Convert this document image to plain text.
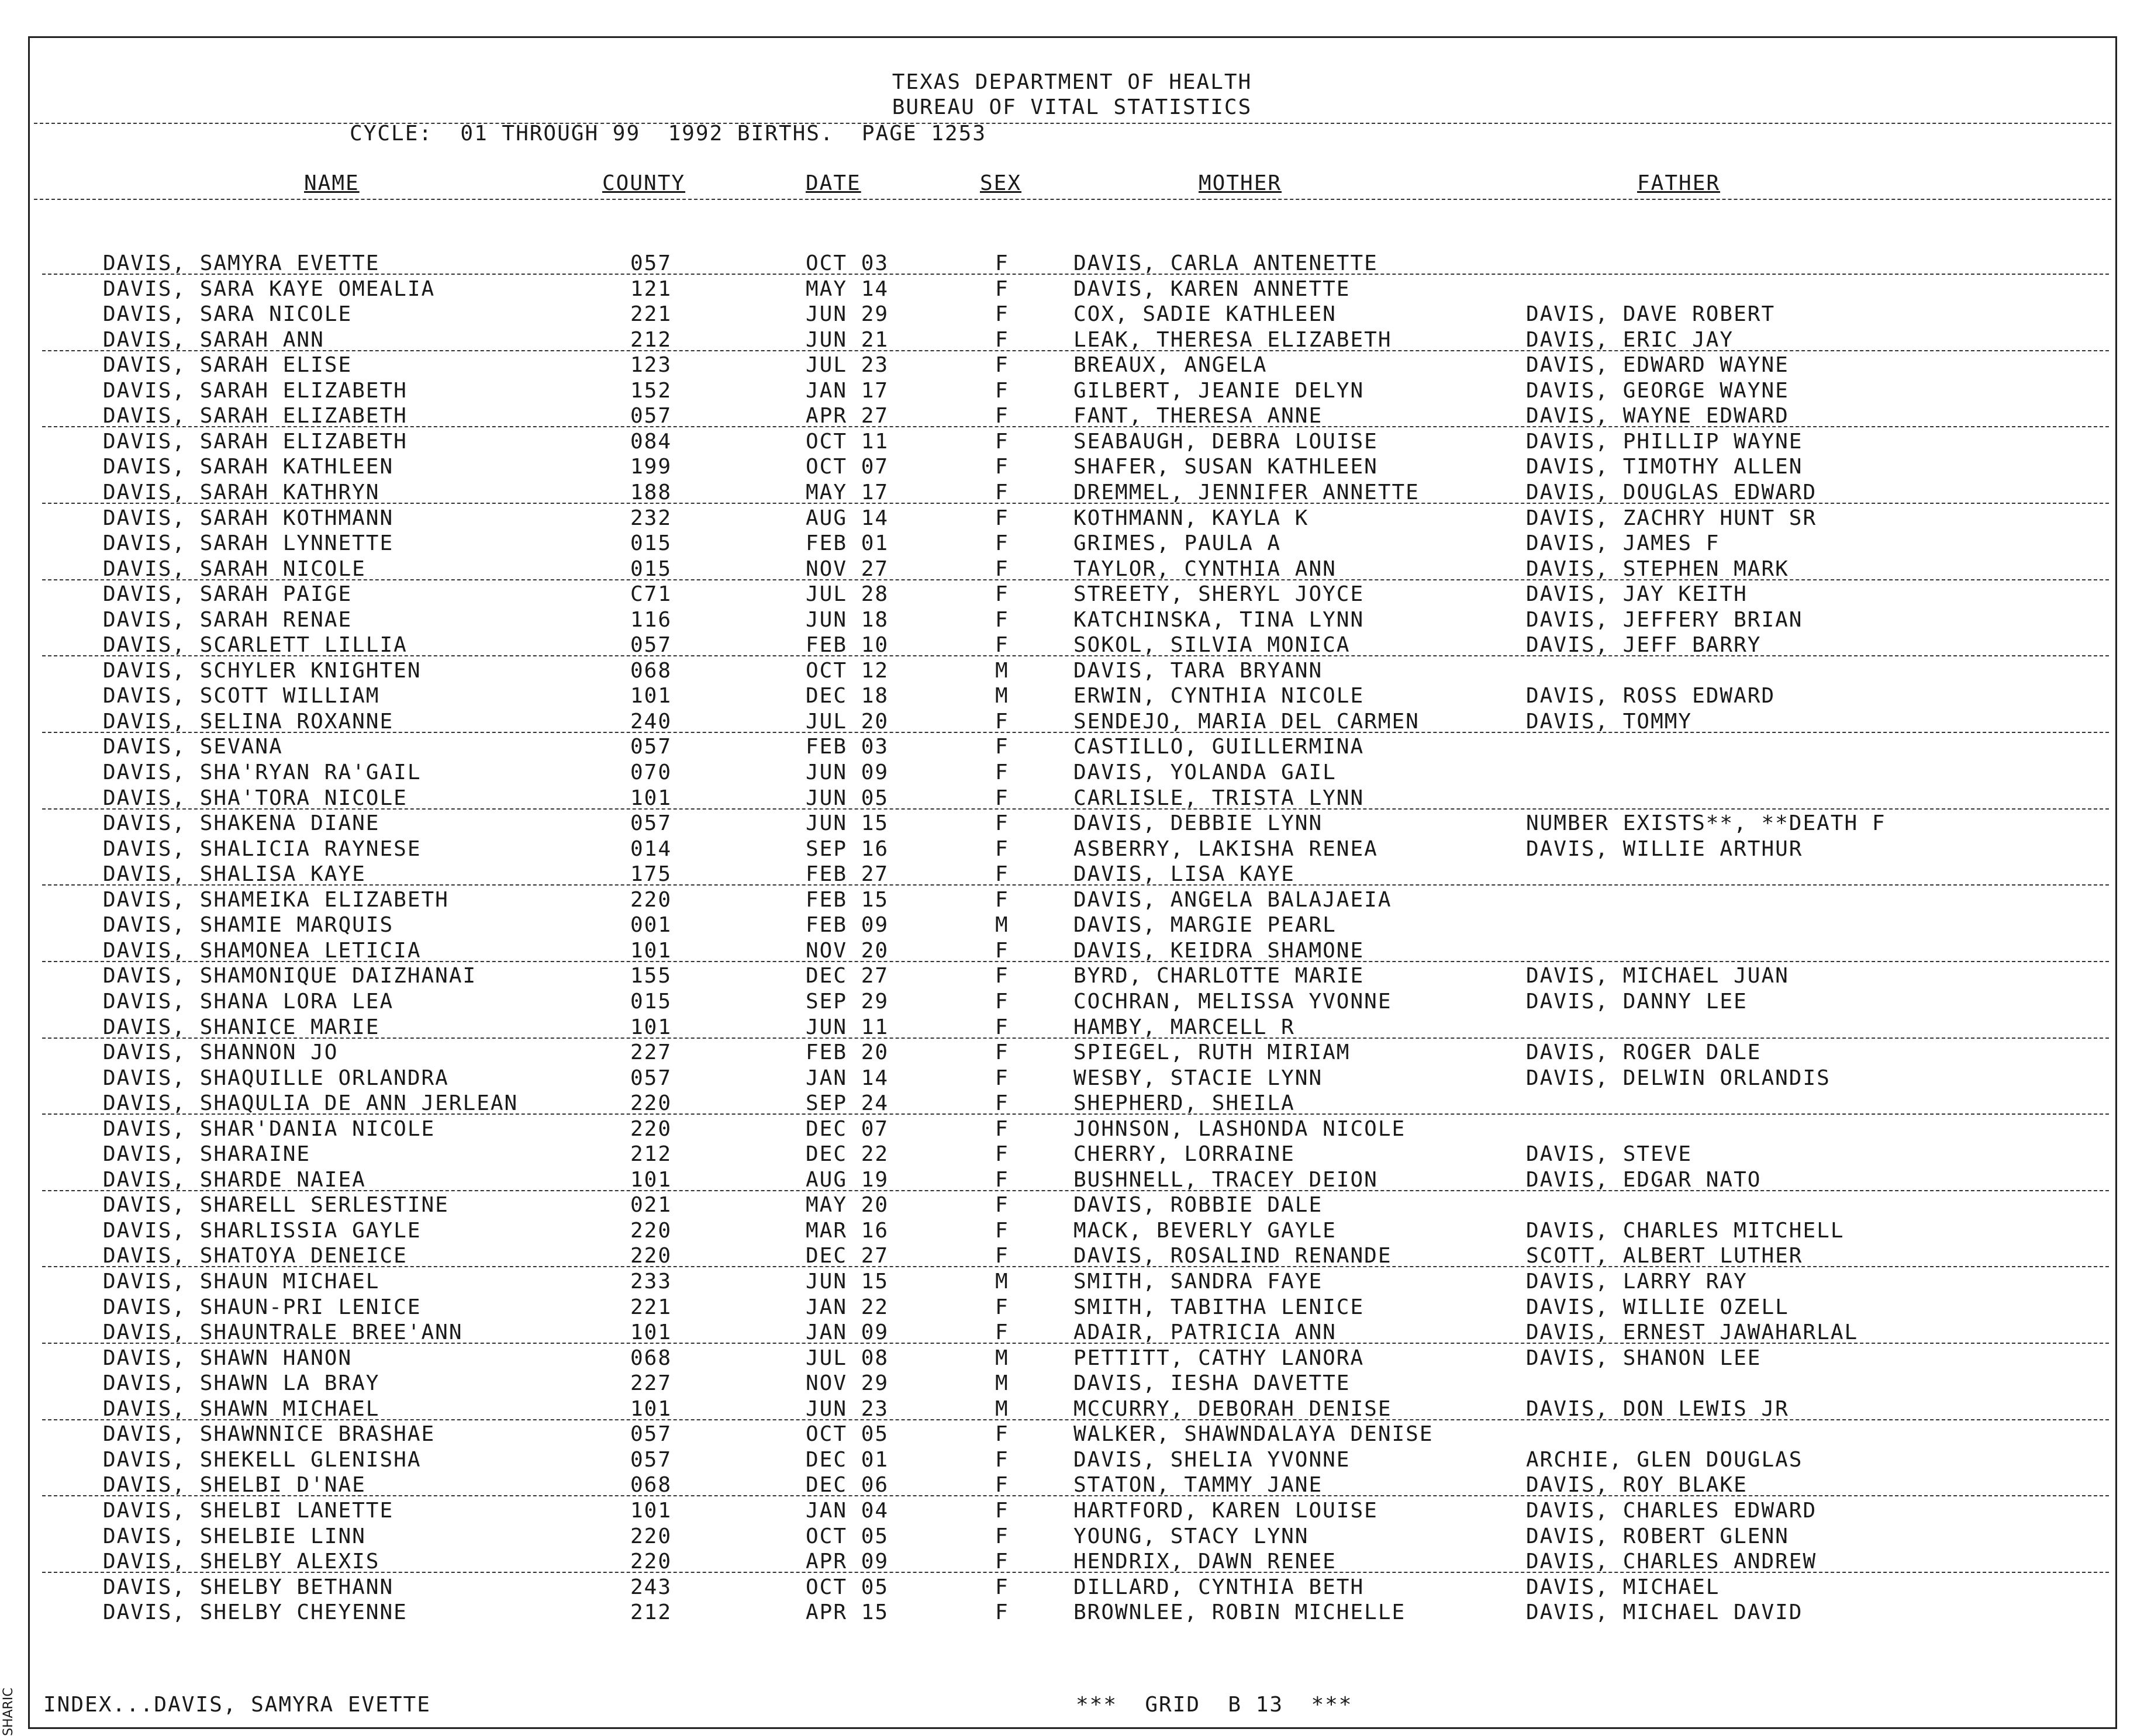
TEXAS DEPARTMENT OF HEALTH
BUREAU OF VITAL STATISTICS
CYCLE:  01 THROUGH 99  1992 BIRTHS.  PAGE 1253
NAME	COUNTY	DATE	SEX	MOTHER	FATHER
DAVIS, SAMYRA EVETTE	057	OCT 03	F	DAVIS, CARLA ANTENETTE
DAVIS, SARA KAYE OMEALIA	121	MAY 14	F	DAVIS, KAREN ANNETTE
DAVIS, SARA NICOLE	221	JUN 29	F	COX, SADIE KATHLEEN	DAVIS, DAVE ROBERT
DAVIS, SARAH ANN	212	JUN 21	F	LEAK, THERESA ELIZABETH	DAVIS, ERIC JAY
DAVIS, SARAH ELISE	123	JUL 23	F	BREAUX, ANGELA	DAVIS, EDWARD WAYNE
DAVIS, SARAH ELIZABETH	152	JAN 17	F	GILBERT, JEANIE DELYN	DAVIS, GEORGE WAYNE
DAVIS, SARAH ELIZABETH	057	APR 27	F	FANT, THERESA ANNE	DAVIS, WAYNE EDWARD
DAVIS, SARAH ELIZABETH	084	OCT 11	F	SEABAUGH, DEBRA LOUISE	DAVIS, PHILLIP WAYNE
DAVIS, SARAH KATHLEEN	199	OCT 07	F	SHAFER, SUSAN KATHLEEN	DAVIS, TIMOTHY ALLEN
DAVIS, SARAH KATHRYN	188	MAY 17	F	DREMMEL, JENNIFER ANNETTE	DAVIS, DOUGLAS EDWARD
DAVIS, SARAH KOTHMANN	232	AUG 14	F	KOTHMANN, KAYLA K	DAVIS, ZACHRY HUNT SR
DAVIS, SARAH LYNNETTE	015	FEB 01	F	GRIMES, PAULA A	DAVIS, JAMES F
DAVIS, SARAH NICOLE	015	NOV 27	F	TAYLOR, CYNTHIA ANN	DAVIS, STEPHEN MARK
DAVIS, SARAH PAIGE	C71	JUL 28	F	STREETY, SHERYL JOYCE	DAVIS, JAY KEITH
DAVIS, SARAH RENAE	116	JUN 18	F	KATCHINSKA, TINA LYNN	DAVIS, JEFFERY BRIAN
DAVIS, SCARLETT LILLIA	057	FEB 10	F	SOKOL, SILVIA MONICA	DAVIS, JEFF BARRY
DAVIS, SCHYLER KNIGHTEN	068	OCT 12	M	DAVIS, TARA BRYANN
DAVIS, SCOTT WILLIAM	101	DEC 18	M	ERWIN, CYNTHIA NICOLE	DAVIS, ROSS EDWARD
DAVIS, SELINA ROXANNE	240	JUL 20	F	SENDEJO, MARIA DEL CARMEN	DAVIS, TOMMY
DAVIS, SEVANA	057	FEB 03	F	CASTILLO, GUILLERMINA
DAVIS, SHA'RYAN RA'GAIL	070	JUN 09	F	DAVIS, YOLANDA GAIL
DAVIS, SHA'TORA NICOLE	101	JUN 05	F	CARLISLE, TRISTA LYNN
DAVIS, SHAKENA DIANE	057	JUN 15	F	DAVIS, DEBBIE LYNN	NUMBER EXISTS**, **DEATH F
DAVIS, SHALICIA RAYNESE	014	SEP 16	F	ASBERRY, LAKISHA RENEA	DAVIS, WILLIE ARTHUR
DAVIS, SHALISA KAYE	175	FEB 27	F	DAVIS, LISA KAYE
DAVIS, SHAMEIKA ELIZABETH	220	FEB 15	F	DAVIS, ANGELA BALAJAEIA
DAVIS, SHAMIE MARQUIS	001	FEB 09	M	DAVIS, MARGIE PEARL
DAVIS, SHAMONEA LETICIA	101	NOV 20	F	DAVIS, KEIDRA SHAMONE
DAVIS, SHAMONIQUE DAIZHANAI	155	DEC 27	F	BYRD, CHARLOTTE MARIE	DAVIS, MICHAEL JUAN
DAVIS, SHANA LORA LEA	015	SEP 29	F	COCHRAN, MELISSA YVONNE	DAVIS, DANNY LEE
DAVIS, SHANICE MARIE	101	JUN 11	F	HAMBY, MARCELL R
DAVIS, SHANNON JO	227	FEB 20	F	SPIEGEL, RUTH MIRIAM	DAVIS, ROGER DALE
DAVIS, SHAQUILLE ORLANDRA	057	JAN 14	F	WESBY, STACIE LYNN	DAVIS, DELWIN ORLANDIS
DAVIS, SHAQULIA DE ANN JERLEAN	220	SEP 24	F	SHEPHERD, SHEILA
DAVIS, SHAR'DANIA NICOLE	220	DEC 07	F	JOHNSON, LASHONDA NICOLE
DAVIS, SHARAINE	212	DEC 22	F	CHERRY, LORRAINE	DAVIS, STEVE
DAVIS, SHARDE NAIEA	101	AUG 19	F	BUSHNELL, TRACEY DEION	DAVIS, EDGAR NATO
DAVIS, SHARELL SERLESTINE	021	MAY 20	F	DAVIS, ROBBIE DALE
DAVIS, SHARLISSIA GAYLE	220	MAR 16	F	MACK, BEVERLY GAYLE	DAVIS, CHARLES MITCHELL
DAVIS, SHATOYA DENEICE	220	DEC 27	F	DAVIS, ROSALIND RENANDE	SCOTT, ALBERT LUTHER
DAVIS, SHAUN MICHAEL	233	JUN 15	M	SMITH, SANDRA FAYE	DAVIS, LARRY RAY
DAVIS, SHAUN-PRI LENICE	221	JAN 22	F	SMITH, TABITHA LENICE	DAVIS, WILLIE OZELL
DAVIS, SHAUNTRALE BREE'ANN	101	JAN 09	F	ADAIR, PATRICIA ANN	DAVIS, ERNEST JAWAHARLAL
DAVIS, SHAWN HANON	068	JUL 08	M	PETTITT, CATHY LANORA	DAVIS, SHANON LEE
DAVIS, SHAWN LA BRAY	227	NOV 29	M	DAVIS, IESHA DAVETTE
DAVIS, SHAWN MICHAEL	101	JUN 23	M	MCCURRY, DEBORAH DENISE	DAVIS, DON LEWIS JR
DAVIS, SHAWNNICE BRASHAE	057	OCT 05	F	WALKER, SHAWNDALAYA DENISE
DAVIS, SHEKELL GLENISHA	057	DEC 01	F	DAVIS, SHELIA YVONNE	ARCHIE, GLEN DOUGLAS
DAVIS, SHELBI D'NAE	068	DEC 06	F	STATON, TAMMY JANE	DAVIS, ROY BLAKE
DAVIS, SHELBI LANETTE	101	JAN 04	F	HARTFORD, KAREN LOUISE	DAVIS, CHARLES EDWARD
DAVIS, SHELBIE LINN	220	OCT 05	F	YOUNG, STACY LYNN	DAVIS, ROBERT GLENN
DAVIS, SHELBY ALEXIS	220	APR 09	F	HENDRIX, DAWN RENEE	DAVIS, CHARLES ANDREW
DAVIS, SHELBY BETHANN	243	OCT 05	F	DILLARD, CYNTHIA BETH	DAVIS, MICHAEL
DAVIS, SHELBY CHEYENNE	212	APR 15	F	BROWNLEE, ROBIN MICHELLE	DAVIS, MICHAEL DAVID
INDEX...DAVIS, SAMYRA EVETTE	***  GRID  B 13  ***
SHARIC
